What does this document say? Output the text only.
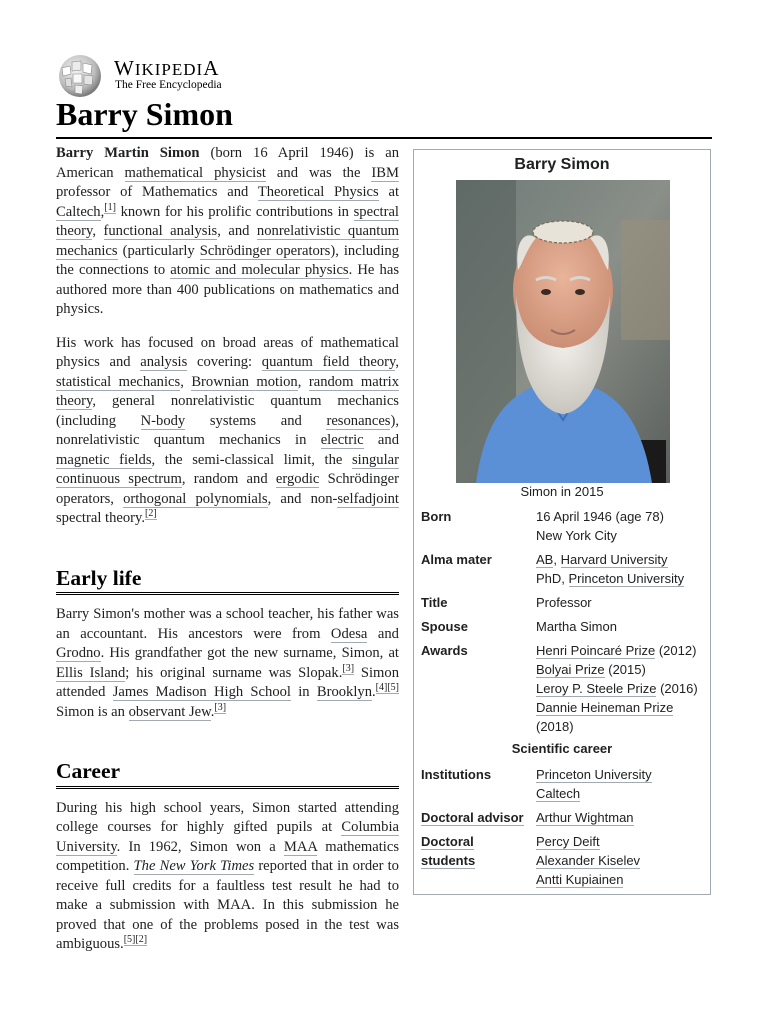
WIKIPEDIA
The Free Encyclopedia
Barry Simon

Barry Martin Simon (born 16 April 1946) is an American mathematical physicist and was the IBM professor of Mathematics and Theoretical Physics at Caltech,[1] known for his prolific contributions in spectral theory, functional analysis, and nonrelativistic quantum mechanics (particularly Schrödinger operators), including the connections to atomic and molecular physics. He has authored more than 400 publications on mathematics and physics.

His work has focused on broad areas of mathematical physics and analysis covering: quantum field theory, statistical mechanics, Brownian motion, random matrix theory, general nonrelativistic quantum mechanics (including N-body systems and resonances), nonrelativistic quantum mechanics in electric and magnetic fields, the semi-classical limit, the singular continuous spectrum, random and ergodic Schrödinger operators, orthogonal polynomials, and non-selfadjoint spectral theory.[2]

Early life

Barry Simon's mother was a school teacher, his father was an accountant. His ancestors were from Odesa and Grodno. His grandfather got the new surname, Simon, at Ellis Island; his original surname was Slopak.[3] Simon attended James Madison High School in Brooklyn.[4][5] Simon is an observant Jew.[3]

Career

During his high school years, Simon started attending college courses for highly gifted pupils at Columbia University. In 1962, Simon won a MAA mathematics competition. The New York Times reported that in order to receive full credits for a faultless test result he had to make a submission with MAA. In this submission he proved that one of the problems posed in the test was ambiguous.[5][2]

Barry Simon
Simon in 2015
Born	16 April 1946 (age 78)
New York City
Alma mater	AB, Harvard University
PhD, Princeton University
Title	Professor
Spouse	Martha Simon
Awards	Henri Poincaré Prize (2012)
Bolyai Prize (2015)
Leroy P. Steele Prize (2016)
Dannie Heineman Prize
(2018)
Scientific career
Institutions	Princeton University
Caltech
Doctoral advisor Arthur Wightman
Doctoral students
Percy Deift
Alexander Kiselev
Antti Kupiainen
